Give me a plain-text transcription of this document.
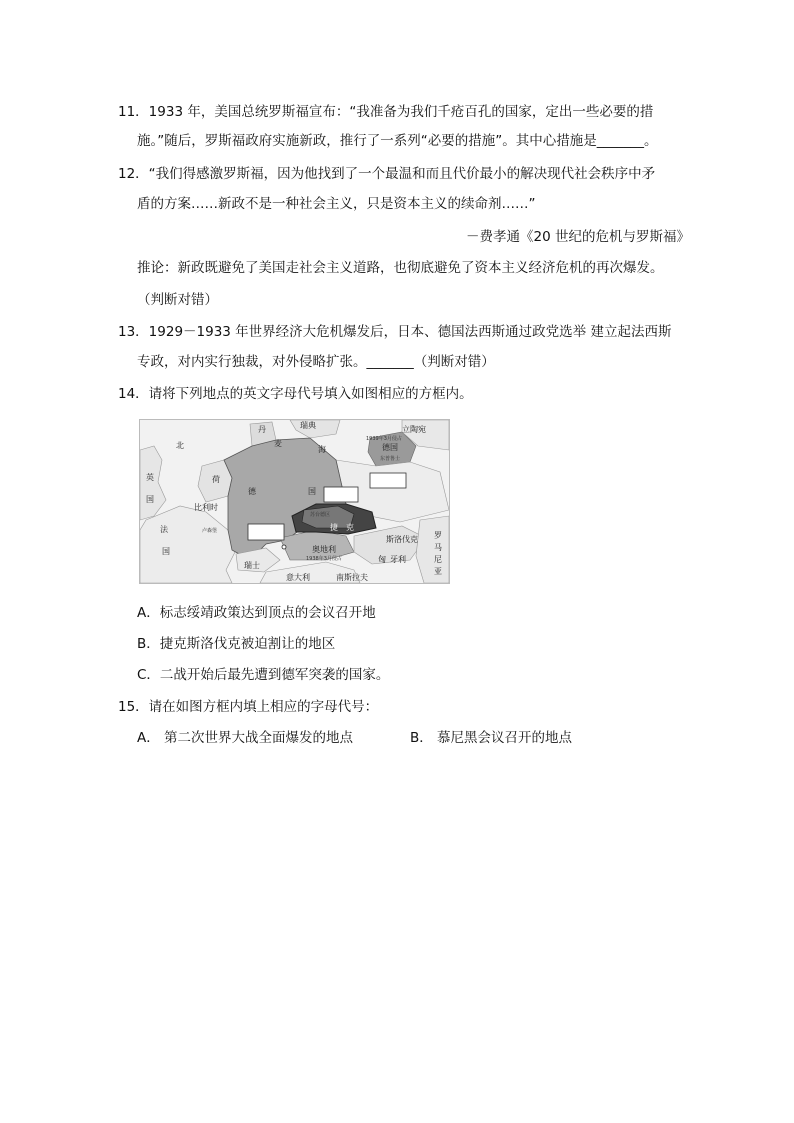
11．1933 年，美国总统罗斯福宣布：“我准备为我们千疮百孔的国家，定出一些必要的措
施。”随后，罗斯福政府实施新政，推行了一系列“必要的措施”。其中心措施是_______。
12．“我们得感激罗斯福，因为他找到了一个最温和而且代价最小的解决现代社会秩序中矛
盾的方案……新政不是一种社会主义，只是资本主义的续命剂……”
－费孝通《20 世纪的危机与罗斯福》
推论：新政既避免了美国走社会主义道路，也彻底避免了资本主义经济危机的再次爆发。
（判断对错）
13．1929－1933 年世界经济大危机爆发后，日本、德国法西斯通过政党选举 建立起法西斯
专政，对内实行独裁，对外侵略扩张。_______（判断对错）
14．请将下列地点的英文字母代号填入如图相应的方框内。
丹	瑞典
麦
立陶宛
1939年3月侵占
德国
东普鲁士
海
北
英
国
荷
德	国
比利时
卢森堡
法
国
苏台德区
捷 克
斯洛伐克
奥地利
1938年3月侵占	匈 牙利
罗
马
尼
亚
瑞士
意大利	南斯拉夫
A．标志绥靖政策达到顶点的会议召开地
B．捷克斯洛伐克被迫割让的地区
C．二战开始后最先遭到德军突袭的国家。
15．请在如图方框内填上相应的字母代号：
A． 第二次世界大战全面爆发的地点	B． 慕尼黑会议召开的地点
